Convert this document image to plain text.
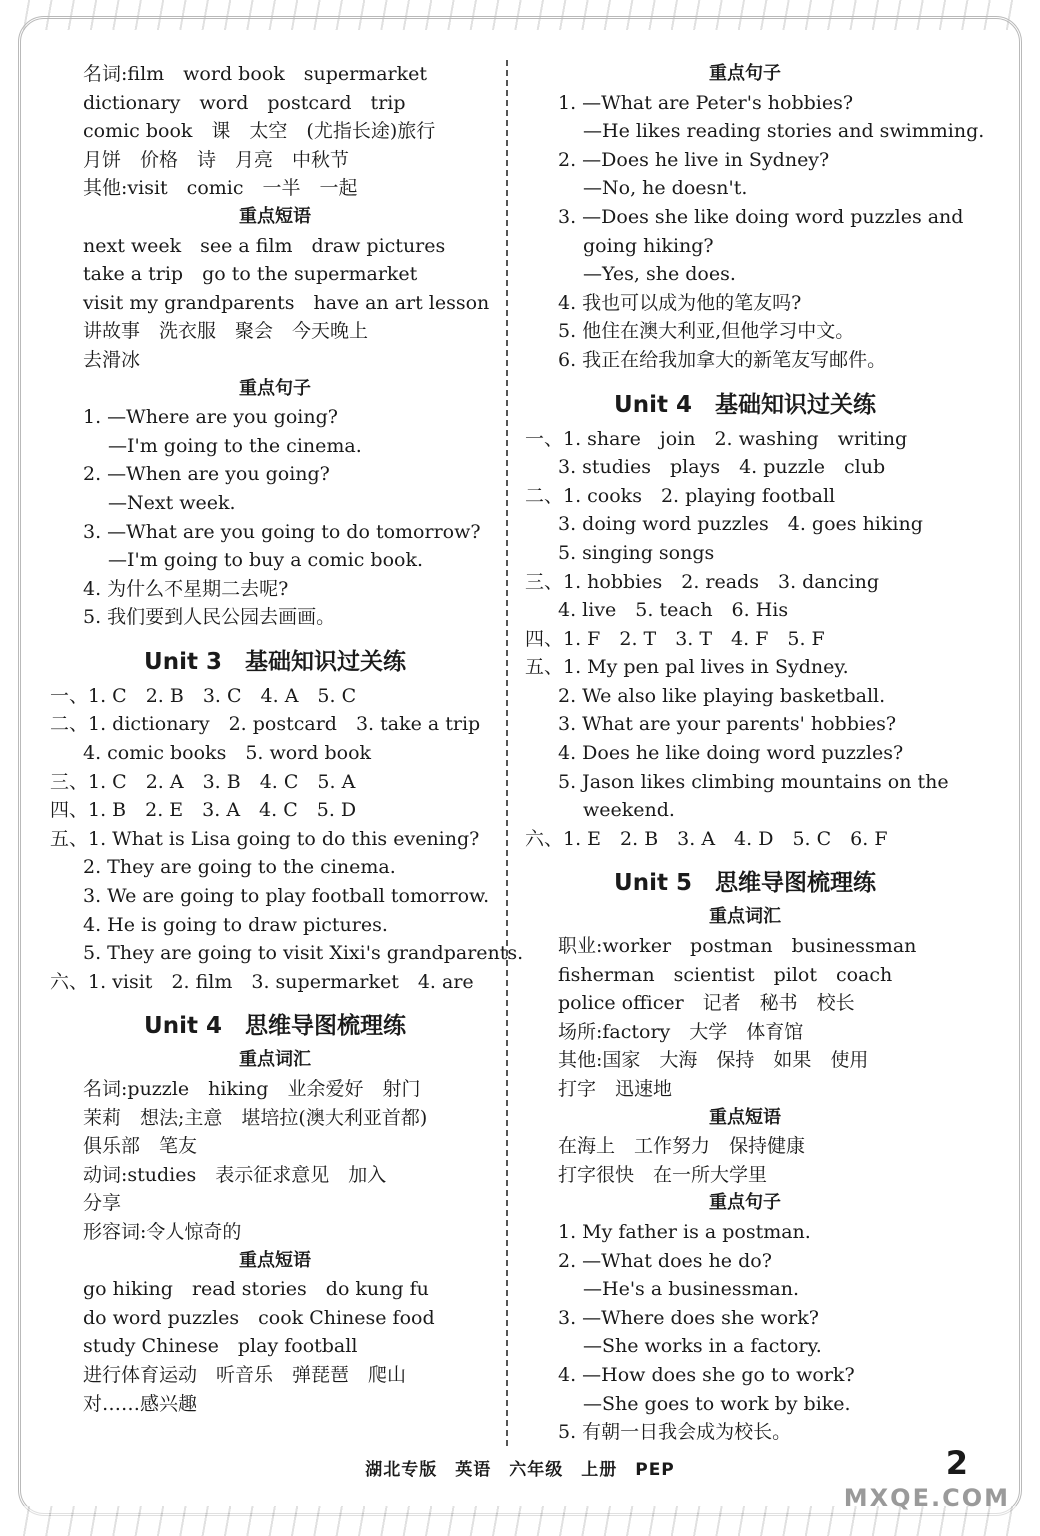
名词:film　word book　supermarket
dictionary　word　postcard　trip
comic book　课　太空　(尤指长途)旅行
月饼　价格　诗　月亮　中秋节
其他:visit　comic　一半　一起
重点短语
next week　see a film　draw pictures
take a trip　go to the supermarket
visit my grandparents　have an art lesson
讲故事　洗衣服　聚会　今天晚上
去滑冰
重点句子
1. —Where are you going?
—I'm going to the cinema.
2. —When are you going?
—Next week.
3. —What are you going to do tomorrow?
—I'm going to buy a comic book.
4. 为什么不星期二去呢?
5. 我们要到人民公园去画画。
Unit 3　基础知识过关练
一、1. C　2. B　3. C　4. A　5. C
二、1. dictionary　2. postcard　3. take a trip
4. comic books　5. word book
三、1. C　2. A　3. B　4. C　5. A
四、1. B　2. E　3. A　4. C　5. D
五、1. What is Lisa going to do this evening?
2. They are going to the cinema.
3. We are going to play football tomorrow.
4. He is going to draw pictures.
5. They are going to visit Xixi's grandparents.
六、1. visit　2. film　3. supermarket　4. are
Unit 4　思维导图梳理练
重点词汇
名词:puzzle　hiking　业余爱好　射门
茉莉　想法;主意　堪培拉(澳大利亚首都)
俱乐部　笔友
动词:studies　表示征求意见　加入
分享
形容词:令人惊奇的
重点短语
go hiking　read stories　do kung fu
do word puzzles　cook Chinese food
study Chinese　play football
进行体育运动　听音乐　弹琵琶　爬山
对……感兴趣
重点句子
1. —What are Peter's hobbies?
—He likes reading stories and swimming.
2. —Does he live in Sydney?
—No, he doesn't.
3. —Does she like doing word puzzles and
going hiking?
—Yes, she does.
4. 我也可以成为他的笔友吗?
5. 他住在澳大利亚,但他学习中文。
6. 我正在给我加拿大的新笔友写邮件。
Unit 4　基础知识过关练
一、1. share　join　2. washing　writing
3. studies　plays　4. puzzle　club
二、1. cooks　2. playing football
3. doing word puzzles　4. goes hiking
5. singing songs
三、1. hobbies　2. reads　3. dancing
4. live　5. teach　6. His
四、1. F　2. T　3. T　4. F　5. F
五、1. My pen pal lives in Sydney.
2. We also like playing basketball.
3. What are your parents' hobbies?
4. Does he like doing word puzzles?
5. Jason likes climbing mountains on the
weekend.
六、1. E　2. B　3. A　4. D　5. C　6. F
Unit 5　思维导图梳理练
重点词汇
职业:worker　postman　businessman
fisherman　scientist　pilot　coach
police officer　记者　秘书　校长
场所:factory　大学　体育馆
其他:国家　大海　保持　如果　使用
打字　迅速地
重点短语
在海上　工作努力　保持健康
打字很快　在一所大学里
重点句子
1. My father is a postman.
2. —What does he do?
—He's a businessman.
3. —Where does she work?
—She works in a factory.
4. —How does she go to work?
—She goes to work by bike.
5. 有朝一日我会成为校长。
湖北专版　英语　六年级　上册　PEP	2
MXQE.COM
